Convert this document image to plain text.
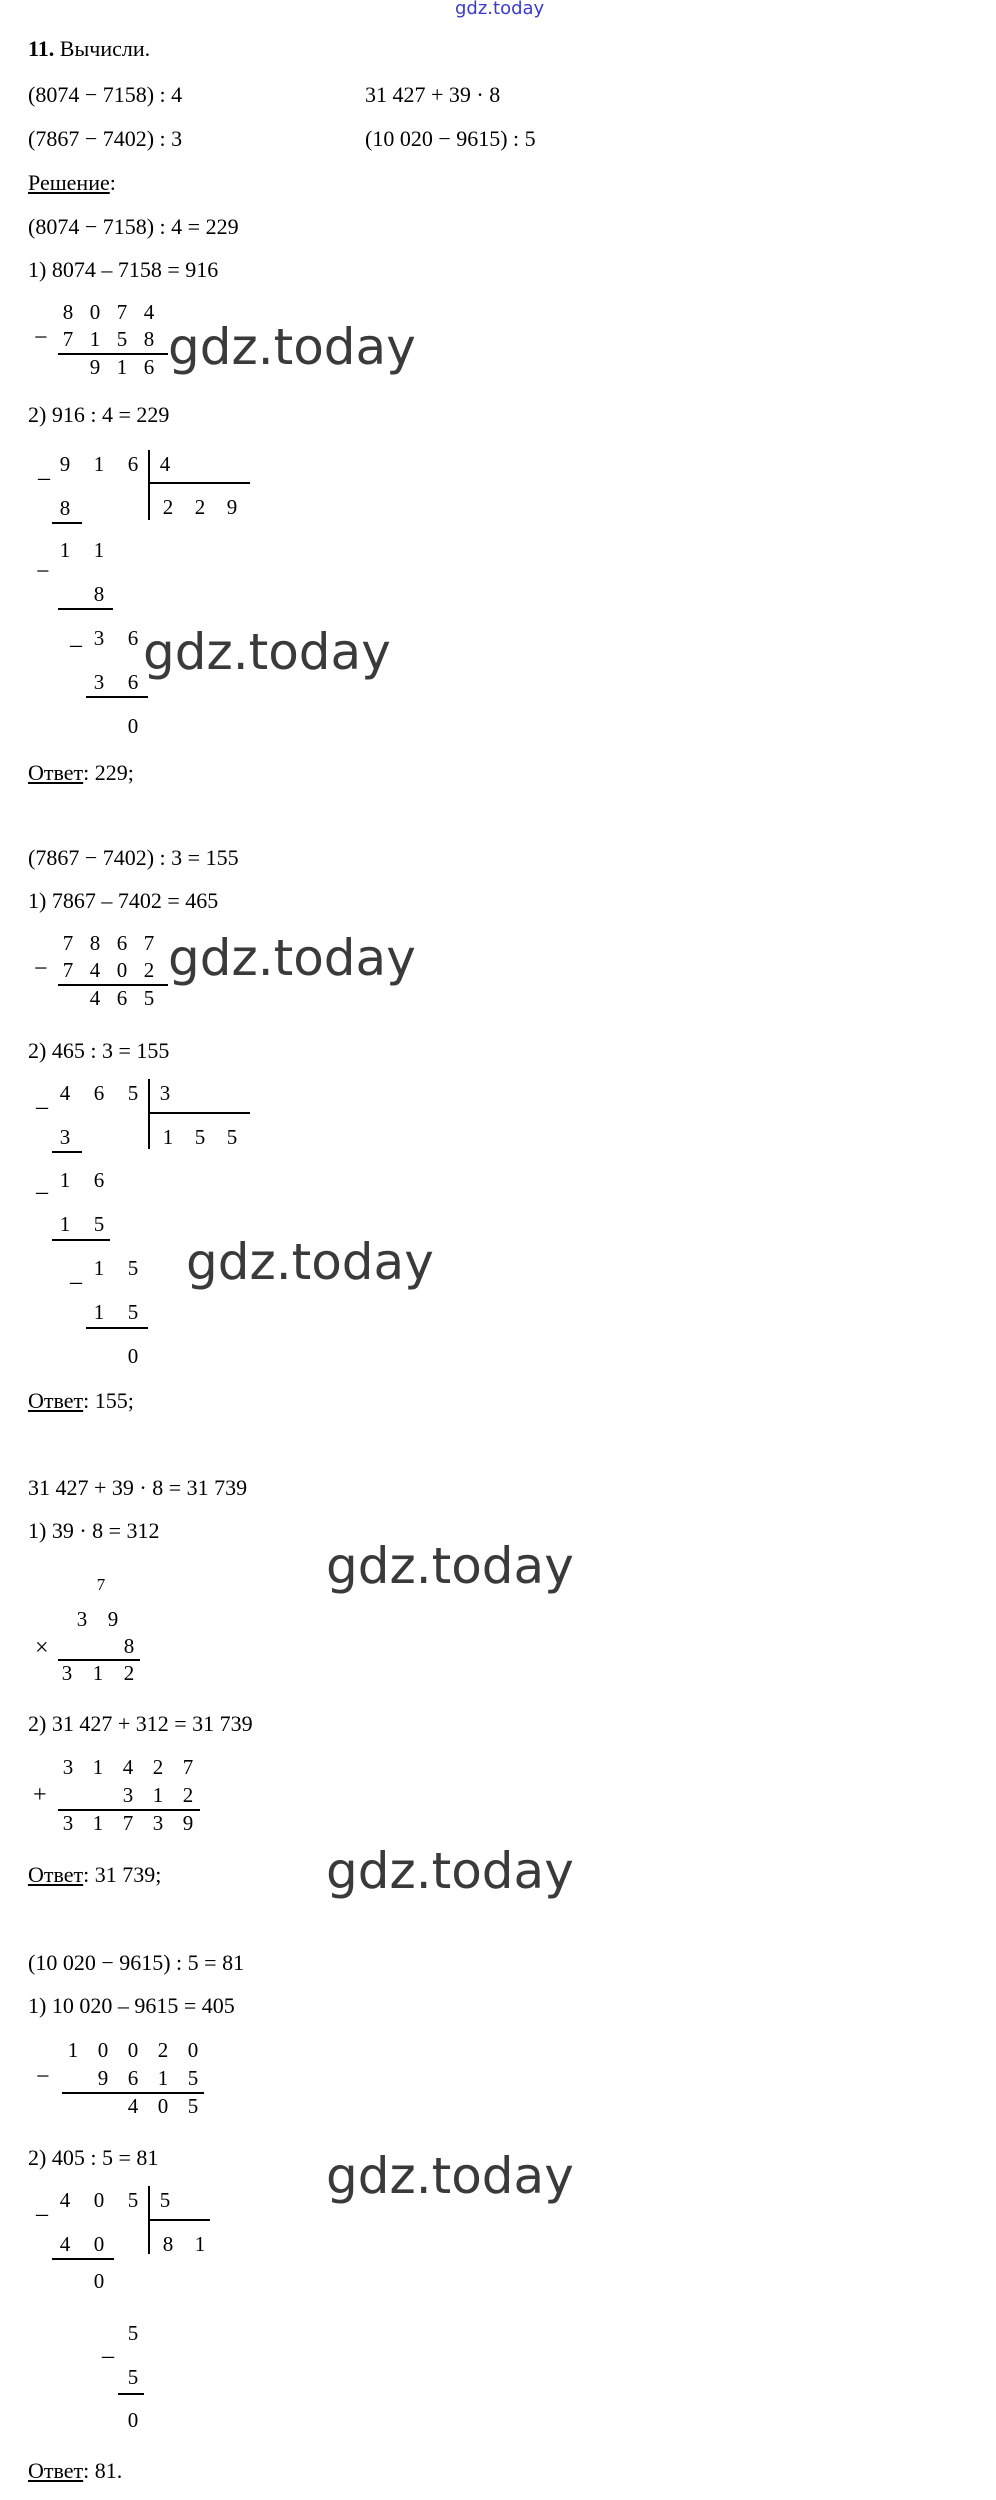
gdz.today
11. Вычисли.
(8074 − 7158) : 4	31 427 + 39 · 8
(7867 − 7402) : 3	(10 020 − 9615) : 5
Решение:
(8074 − 7158) : 4 = 229
1) 8074 – 7158 = 916
8 0 7 4
− 7 1 5 8
9 1 6 gdz.today
2) 916 : 4 = 229
_ 9 1 6 4
2 2 9
8
1 1
−
8
_ 3 6
3 6
0
gdz.today
Ответ: 229;
(7867 − 7402) : 3 = 155
1) 7867 – 7402 = 465
7 8 6 7
− 7 4 0 2
4 6 5
gdz.today
2) 465 : 3 = 155
_ 4 6 5 3
1 5 5
3
_ 1 6
1 5
_ 1 5
1 5
0
gdz.today
Ответ: 155;
31 427 + 39 · 8 = 31 739
1) 39 · 8 = 312
7
3 9
×	8
3 1 2
gdz.today
2) 31 427 + 312 = 31 739
3 1 4 2 7
+	3 1 2
3 1 7 3 9
Ответ: 31 739;	gdz.today
(10 020 − 9615) : 5 = 81
1) 10 020 – 9615 = 405
1 0 0 2 0
− 9 6 1 5
4 0 5
2) 405 : 5 = 81	gdz.today
_ 4 0 5 5
8 1
4 0
0
_
5
5
0
Ответ: 81.
